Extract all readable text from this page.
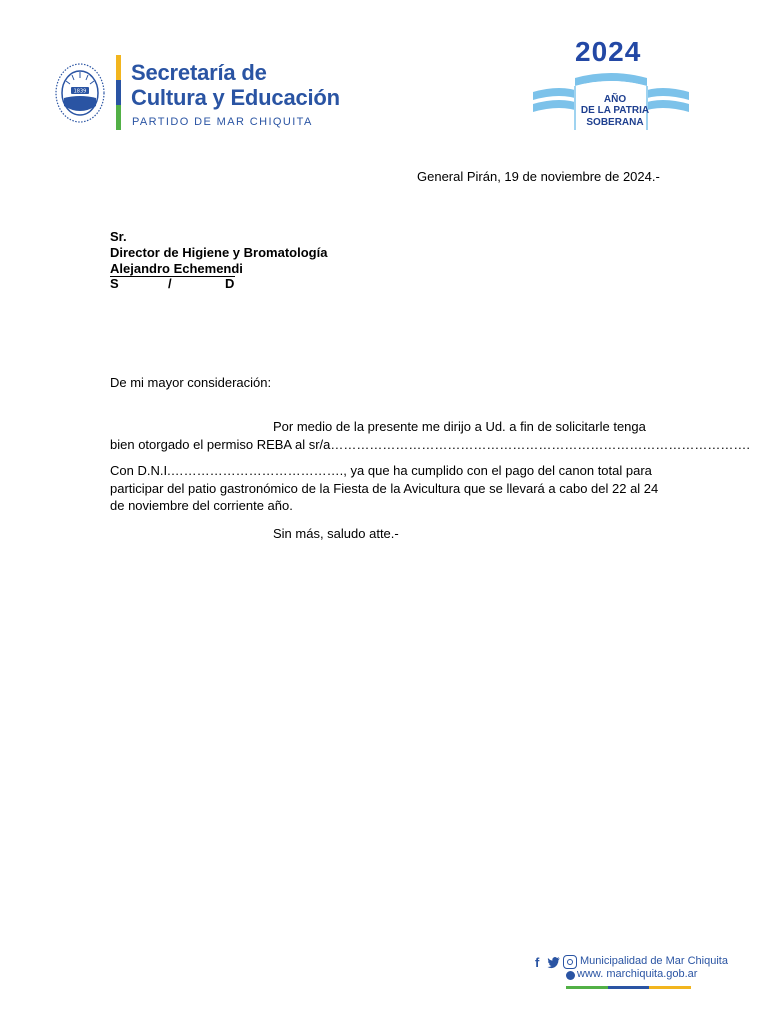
1839
Secretaría de
Cultura y Educación
PARTIDO DE MAR CHIQUITA
2024
AÑO
DE LA PATRIA
SOBERANA
General Pirán, 19 de noviembre de 2024.-
Sr.
Director de Higiene y Bromatología
Alejandro Echemendi
S	/	D
De mi mayor consideración:
Por medio de la presente me dirijo a Ud. a fin de solicitarle tenga
bien otorgado el permiso REBA al sr/a…………………………………………………………………………………….
Con D.N.I.…………………………………., ya que ha cumplido con el pago del canon total para
participar del patio gastronómico de la Fiesta de la Avicultura que se llevará a cabo del 22 al 24
de noviembre del corriente año.
Sin más, saludo atte.-
f	Municipalidad de Mar Chiquita
www. marchiquita.gob.ar
